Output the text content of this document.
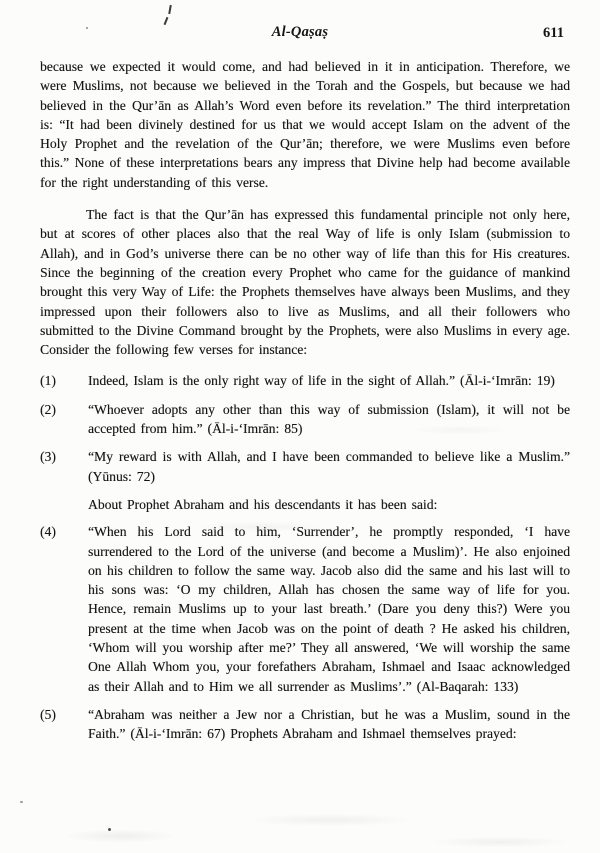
Al-Qaṣaṣ	611

because we expected it would come, and had believed in it in anticipation. Therefore, we were Muslims, not because we believed in the Torah and the Gospels, but because we had believed in the Qur’ān as Allah’s Word even before its revelation.” The third interpretation is: “It had been divinely destined for us that we would accept Islam on the advent of the Holy Prophet and the revelation of the Qur’ān; therefore, we were Muslims even before this.” None of these interpretations bears any impress that Divine help had become available for the right understanding of this verse.

The fact is that the Qur’ān has expressed this fundamental principle not only here, but at scores of other places also that the real Way of life is only Islam (submission to Allah), and in God’s universe there can be no other way of life than this for His creatures. Since the beginning of the creation every Prophet who came for the guidance of mankind brought this very Way of Life: the Prophets themselves have always been Muslims, and they impressed upon their followers also to live as Muslims, and all their followers who submitted to the Divine Command brought by the Prophets, were also Muslims in every age. Consider the following few verses for instance:

(1)	Indeed, Islam is the only right way of life in the sight of Allah.” (Āl-i-‘Imrān: 19)

(2)	“Whoever adopts any other than this way of submission (Islam), it will not be accepted from him.” (Āl-i-‘Imrān: 85)

(3)	“My reward is with Allah, and I have been commanded to believe like a Muslim.” (Yūnus: 72)

About Prophet Abraham and his descendants it has been said:

(4)	“When his Lord said to him, ‘Surrender’, he promptly responded, ‘I have surrendered to the Lord of the universe (and become a Muslim)’. He also enjoined on his children to follow the same way. Jacob also did the same and his last will to his sons was: ‘O my children, Allah has chosen the same way of life for you. Hence, remain Muslims up to your last breath.’ (Dare you deny this?) Were you present at the time when Jacob was on the point of death ? He asked his children, ‘Whom will you worship after me?’ They all answered, ‘We will worship the same One Allah Whom you, your forefathers Abraham, Ishmael and Isaac acknowledged as their Allah and to Him we all surrender as Muslims’.” (Al-Baqarah: 133)

(5)	“Abraham was neither a Jew nor a Christian, but he was a Muslim, sound in the Faith.” (Āl-i-‘Imrān: 67) Prophets Abraham and Ishmael themselves prayed:
